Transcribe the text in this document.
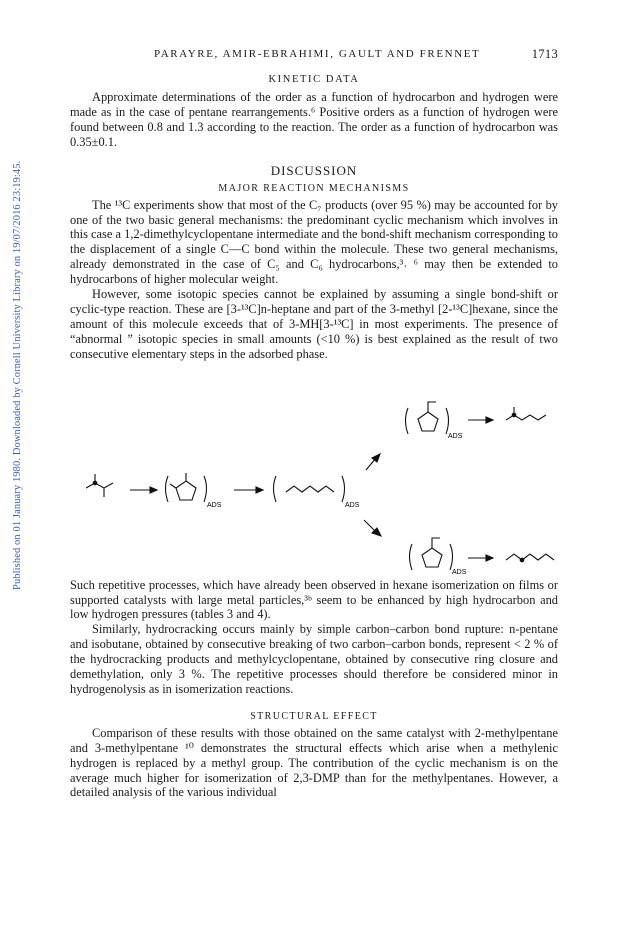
Published on 01 January 1980. Downloaded by Cornell University Library on 19/07/2016 23:19:45.
PARAYRE, AMIR-EBRAHIMI, GAULT AND FRENNET	1713
KINETIC DATA

Approximate determinations of the order as a function of hydrocarbon and hydrogen were made as in the case of pentane rearrangements.⁶ Positive orders as a function of hydrogen were found between 0.8 and 1.3 according to the reaction. The order as a function of hydrocarbon was 0.35±0.1.

DISCUSSION
MAJOR REACTION MECHANISMS

The ¹³C experiments show that most of the C₇ products (over 95 %) may be accounted for by one of the two basic general mechanisms: the predominant cyclic mechanism which involves in this case a 1,2-dimethylcyclopentane intermediate and the bond-shift mechanism corresponding to the displacement of a single C—C bond within the molecule. These two general mechanisms, already demonstrated in the case of C₅ and C₆ hydrocarbons,³˒ ⁶ may then be extended to hydrocarbons of higher molecular weight.

However, some isotopic species cannot be explained by assuming a single bond-shift or cyclic-type reaction. These are [3-¹³C]n-heptane and part of the 3-methyl [2-¹³C]hexane, since the amount of this molecule exceeds that of 3-MH[3-¹³C] in most experiments. The presence of “abnormal ” isotopic species in small amounts (<10 %) is best explained as the result of two consecutive elementary steps in the adsorbed phase.

ADS	ADS
ADS
ADS

Such repetitive processes, which have already been observed in hexane isomerization on films or supported catalysts with large metal particles,³ᵇ seem to be enhanced by high hydrocarbon and low hydrogen pressures (tables 3 and 4).

Similarly, hydrocracking occurs mainly by simple carbon–carbon bond rupture: n-pentane and isobutane, obtained by consecutive breaking of two carbon–carbon bonds, represent < 2 % of the hydrocracking products and methylcyclopentane, obtained by consecutive ring closure and demethylation, only 3 %. The repetitive processes should therefore be considered minor in hydrogenolysis as in isomerization reactions.

STRUCTURAL EFFECT

Comparison of these results with those obtained on the same catalyst with 2-methylpentane and 3-methylpentane ¹⁰ demonstrates the structural effects which arise when a methylenic hydrogen is replaced by a methyl group. The contribution of the cyclic mechanism is on the average much higher for isomerization of 2,3-DMP than for the methylpentanes. However, a detailed analysis of the various individual
